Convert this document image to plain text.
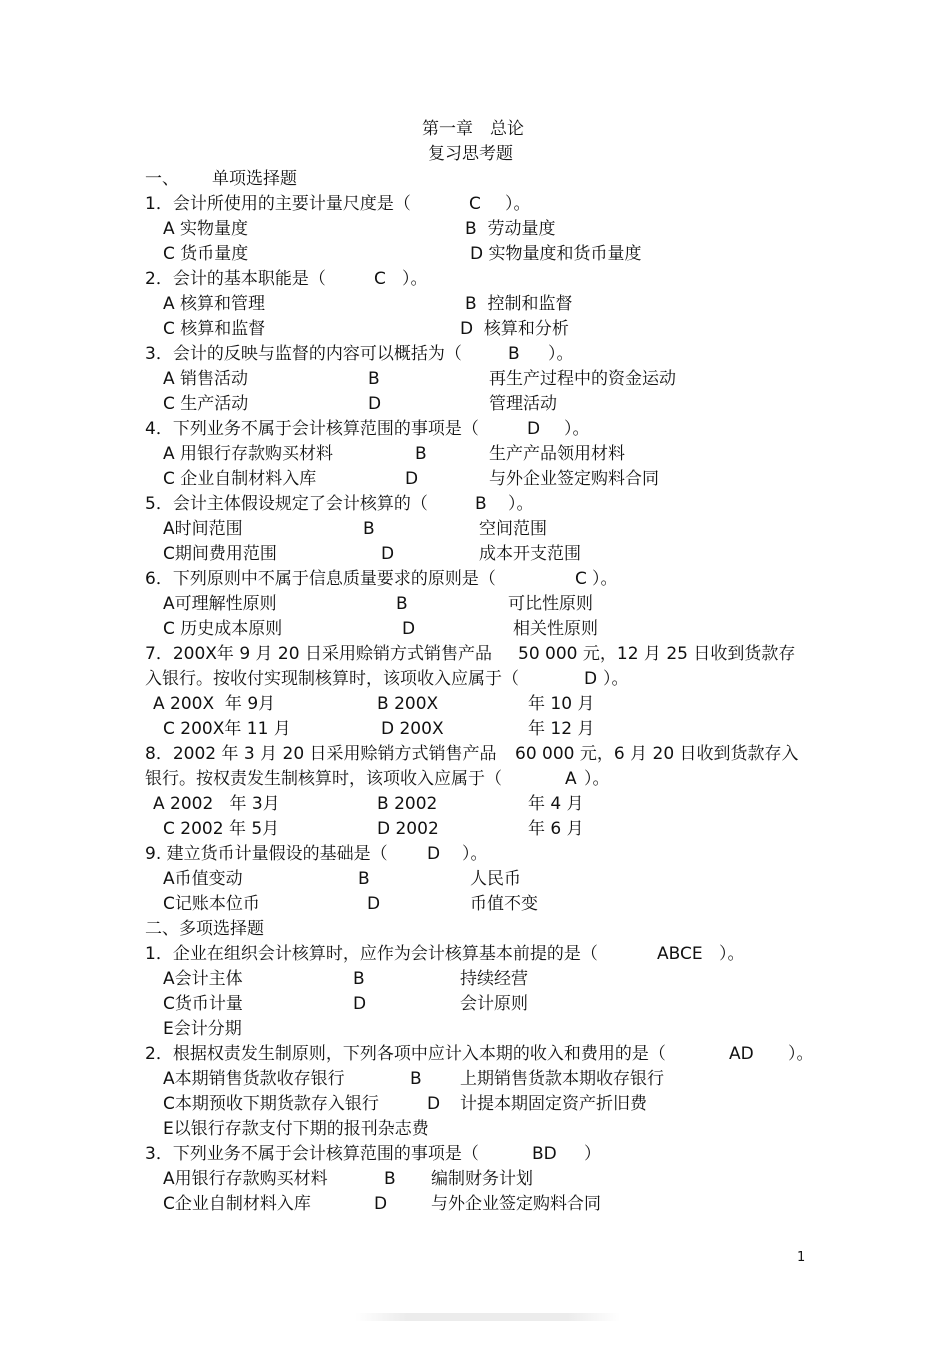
第一章　总论

复习思考题

一、

单项选择题

1．会计所使用的主要计量尺度是（

	C

）。

A 实物量度

	B  劳动量度

C 货币量度

	D 实物量度和货币量度

2．会计的基本职能是（

	C

）。

A 核算和管理

	B  控制和监督

C 核算和监督

	D  核算和分析

3．会计的反映与监督的内容可以概括为（

	B

）。

A 销售活动

	B

	再生产过程中的资金运动

C 生产活动

	D

	管理活动

4．下列业务不属于会计核算范围的事项是（

	D

）。

A 用银行存款购买材料

	B

	生产产品领用材料

C 企业自制材料入库

	D

	与外企业签定购料合同

5．会计主体假设规定了会计核算的（

	B

）。

A时间范围

	B

	空间范围

C期间费用范围

	D

	成本开支范围

6．下列原则中不属于信息质量要求的原则是（

	C

）。

A可理解性原则

	B

	可比性原则

C 历史成本原则

	D

	相关性原则

7．200X年 9 月 20 日采用赊销方式销售产品

50 000 元，12 月 25 日收到货款存

入银行。按收付实现制核算时，该项收入应属于（

	D

）。

A 200X  年 9月

	B 200X

	年 10 月

C 200X年 11 月

	D 200X

	年 12 月

8．2002 年 3 月 20 日采用赊销方式销售产品

60 000 元，6 月 20 日收到货款存入

银行。按权责发生制核算时，该项收入应属于（

	A

）。

A 2002   年 3月

	B 2002

	年 4 月

C 2002 年 5月

	D 2002

	年 6 月

9. 建立货币计量假设的基础是（

D

）。

A币值变动

	B

	人民币

C记账本位币

	D

	币值不变

二、多项选择题

1．企业在组织会计核算时，应作为会计核算基本前提的是（

	ABCE

）。

A会计主体

	B

	持续经营

C货币计量

	D

	会计原则

E会计分期

2．根据权责发生制原则，下列各项中应计入本期的收入和费用的是（

	AD

）。

A本期销售货款收存银行

	B

上期销售货款本期收存银行

C本期预收下期货款存入银行

	D

计提本期固定资产折旧费

E以银行存款支付下期的报刊杂志费

3．下列业务不属于会计核算范围的事项是（

	BD

）

A用银行存款购买材料

	B

编制财务计划

C企业自制材料入库

	D

	与外企业签定购料合同

1
